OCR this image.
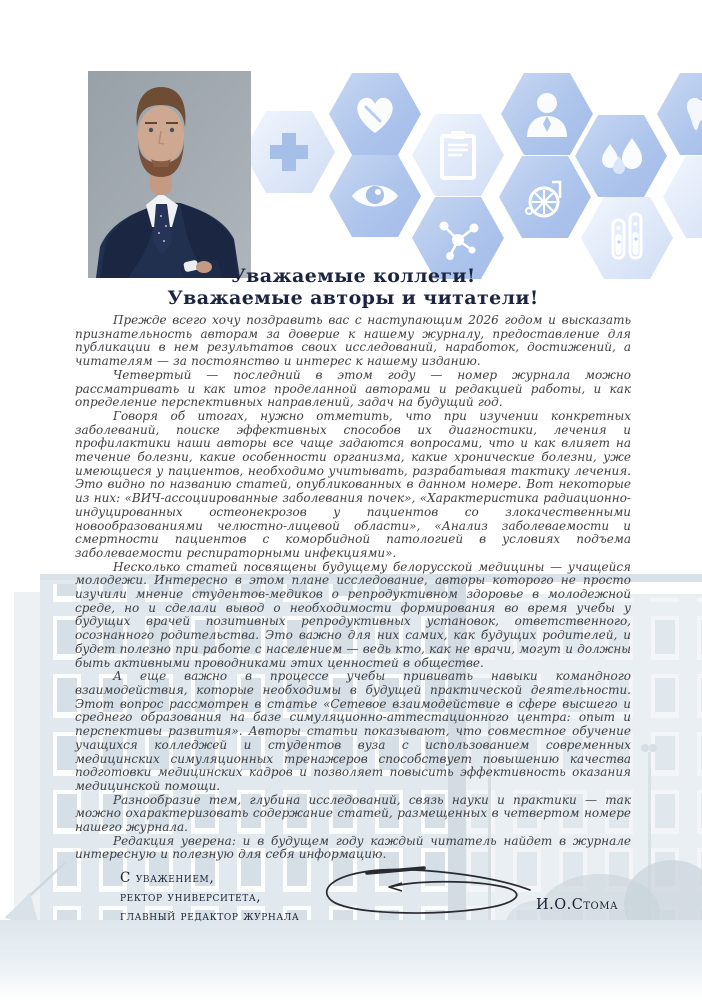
Уважаемые коллеги!
Уважаемые авторы и читатели!

Прежде всего хочу поздравить вас с наступающим 2026 годом и высказать признательность авторам за доверие к нашему журналу, предоставление для публикации в нем результатов своих исследований, наработок, достижений, а читателям — за постоянство и интерес к нашему изданию.

Четвертый — последний в этом году — номер журнала можно рассматривать и как итог проделанной авторами и редакцией работы, и как определение перспективных направлений, задач на будущий год.

Говоря об итогах, нужно отметить, что при изучении конкретных заболеваний, поиске эффективных способов их диагностики, лечения и профилактики наши авторы все чаще задаются вопросами, что и как влияет на течение болезни, какие особенности организма, какие хронические болезни, уже имеющиеся у пациентов, необходимо учитывать, разрабатывая тактику лечения. Это видно по названию статей, опубликованных в данном номере. Вот некоторые из них: «ВИЧ-ассоциированные заболевания почек», «Характеристика радиационно-индуцированных остеонекрозов у пациентов со злокачественными новообразованиями челюстно-лицевой области», «Анализ заболеваемости и смертности пациентов с коморбидной патологией в условиях подъема заболеваемости респираторными инфекциями».

Несколько статей посвящены будущему белорусской медицины — учащейся молодежи. Интересно в этом плане исследование, авторы которого не просто изучили мнение студентов-медиков о репродуктивном здоровье в молодежной среде, но и сделали вывод о необходимости формирования во время учебы у будущих врачей позитивных репродуктивных установок, ответственного, осознанного родительства. Это важно для них самих, как будущих родителей, и будет полезно при работе с населением — ведь кто, как не врачи, могут и должны быть активными проводниками этих ценностей в обществе.

А еще важно в процессе учебы прививать навыки командного взаимодействия, которые необходимы в будущей практической деятельности. Этот вопрос рассмотрен в статье «Сетевое взаимодействие в сфере высшего и среднего образования на базе симуляционно-аттестационного центра: опыт и перспективы развития». Авторы статьи показывают, что совместное обучение учащихся колледжей и студентов вуза с использованием современных медицинских симуляционных тренажеров способствует повышению качества подготовки медицинских кадров и позволяет повысить эффективность оказания медицинской помощи.

Разнообразие тем, глубина исследований, связь науки и практики — так можно охарактеризовать содержание статей, размещенных в четвертом номере нашего журнала.

Редакция уверена: и в будущем году каждый читатель найдет в журнале интересную и полезную для себя информацию.

С уважением,
ректор университета,
главный редактор журнала
И.О.Стома
